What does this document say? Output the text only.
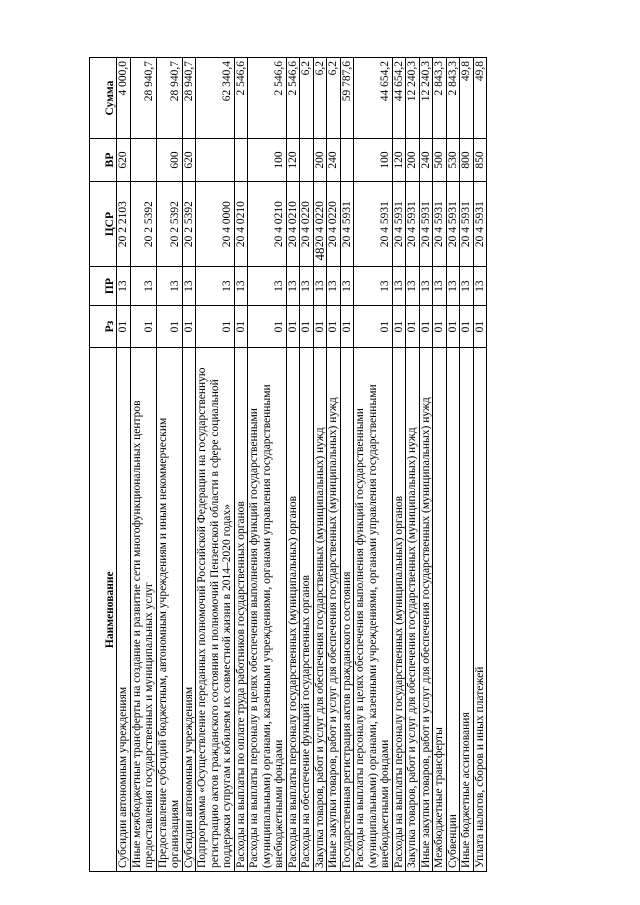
48
Наименование	Рз	ПР	ЦСР	ВР	Сумма
Субсидии автономным учреждениям	01	13	20 2 2103	620	4 000,0
Иные межбюджетные трансферты на создание и развитие сети многофункциональных центров предоставления государственных и муниципальных услуг	01	13	20 2 5392		28 940,7
Предоставление субсидий бюджетным, автономным учреждениям и иным некоммерческим организациям	01	13	20 2 5392	600	28 940,7
Субсидии автономным учреждениям	01	13	20 2 5392	620	28 940,7
Подпрограмма «Осуществление переданных полномочий Российской Федерации на государственную регистрацию актов гражданского состояния и полномочий Пензенской области в сфере социальной поддержки супругам к юбилеям их совместной жизни в 2014–2020 годах»	01	13	20 4 0000		62 340,4
Расходы на выплаты по оплате труда работников государственных органов	01	13	20 4 0210		2 546,6
Расходы на выплаты персоналу в целях обеспечения выполнения функций государственными (муниципальными) органами, казенными учреждениями, органами управления государственными внебюджетными фондами	01	13	20 4 0210	100	2 546,6
Расходы на выплаты персоналу государственных (муниципальных) органов	01	13	20 4 0210	120	2 546,6
Расходы на обеспечение функций государственных органов	01	13	20 4 0220		6,2
Закупка товаров, работ и услуг для обеспечения государственных (муниципальных) нужд	01	13	20 4 0220	200	6,2
Иные закупки товаров, работ и услуг для обеспечения государственных (муниципальных) нужд	01	13	20 4 0220	240	6,2
Государственная регистрация актов гражданского состояния	01	13	20 4 5931		59 787,6
Расходы на выплаты персоналу в целях обеспечения выполнения функций государственными (муниципальными) органами, казенными учреждениями, органами управления государственными внебюджетными фондами	01	13	20 4 5931	100	44 654,2
Расходы на выплаты персоналу государственных (муниципальных) органов	01	13	20 4 5931	120	44 654,2
Закупка товаров, работ и услуг для обеспечения государственных (муниципальных) нужд	01	13	20 4 5931	200	12 240,3
Иные закупки товаров, работ и услуг для обеспечения государственных (муниципальных) нужд	01	13	20 4 5931	240	12 240,3
Межбюджетные трансферты	01	13	20 4 5931	500	2 843,3
Субвенции	01	13	20 4 5931	530	2 843,3
Иные бюджетные ассигнования	01	13	20 4 5931	800	49,8
Уплата налогов, сборов и иных платежей	01	13	20 4 5931	850	49,8
